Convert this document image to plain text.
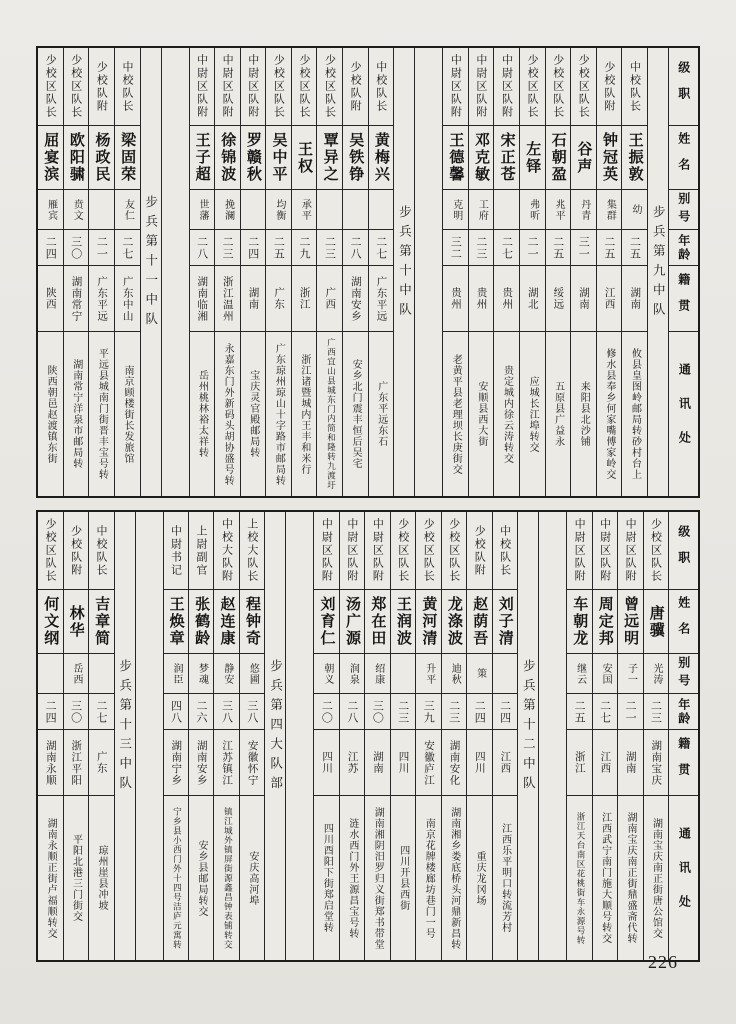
级职
姓名
别号
年龄
籍贯
通讯处
步兵第九中队
中校队长
王振敦
幼
二五
湖南
攸县皇图岭邮局转砂村台上
少校队附
钟冠英
集群
二五
江西
修水县奉乡何家嘴傅家岭交
少校区队长
谷声
丹青
三一
湖南
来阳县北沙铺
少校区队长
石朝盈
兆平
二五
绥远
五原县广益永
少校区队长
左铎
弗听
二一
湖北
应城长江埠转交
中尉区队附
宋正苍
二七
贵州
贵定城内徐云涛转交
中尉区队附
邓克敏
工府
二三
贵州
安顺县西大街
中尉区队附
王德馨
克明
三二
贵州
老黄平县老理坝长庚街交
步兵第十中队
中校队长
黄梅兴
二七
广东平远
广东平远东石
少校队附
吴铁铮
二八
湖南安乡
安乡北门震丰恒后吴宅
少校区队长
覃异之
二三
广西
广西宜山县城东门内简和隆转九渡圩
少校区队长
王权
承平
二九
浙江
浙江诸暨城内王丰和米行
少校区队长
吴中平
均衡
二五
广东
广东琼州琼山十字路市邮局转
中尉区队附
罗赣秋
二四
湖南
宝庆灵官殿邮局转
中尉区队附
徐锦波
挽澜
二三
浙江温州
永嘉东门外新码头胡协盛号转
中尉区队附
王子超
世藩
二八
湖南临湘
岳州桃林裕太祥转
步兵第十一中队
中校队长
梁固荣
友仁
二七
广东中山
南京顾楼街长发旅馆
少校队附
杨政民
二一
广东平远
平远县城南门街晋丰宝号转
少校区队长
欧阳骕
贲文
三〇
湖南常宁
湖南常宁洋泉市邮局转
少校区队长
屈宴滨
雁宾
二四
陕西
陕西朝邑赵渡镇东街
级职
姓名
别号
年龄
籍贯
通讯处
少校区队长
唐骥
光涛
二三
湖南宝庆
湖南宝庆南正街唐公馆交
中尉区队附
曾远明
子一
二一
湖南
湖南宝庆南正街鼎盛斋代转
中尉区队附
周定邦
安国
二七
江西
江西武宁南门施大顺号转交
中尉区队附
车朝龙
继云
二五
浙江
浙江天台南区花桃街车永源号转
步兵第十二中队
中校队长
刘子清
二四
江西
江西乐平明口转流芳村
少校队附
赵荫吾
策
二四
四川
重庆龙冈场
少校区队长
龙涤波
迪秋
二三
湖南安化
湖南湘乡娄底桥头河鼎新昌转
少校区队长
黄河清
升平
三九
安徽庐江
南京花牌楼廊坊巷门一号
少校区队长
王润波
二三
四川
四川开县西街
中尉区队附
郑在田
绍康
三〇
湖南
湖南湘阴汨罗归义街郑书带堂
中尉区队附
汤广源
润泉
二八
江苏
涟水西门外王源昌宝号转
中尉区队附
刘育仁
朝义
二〇
四川
四川酉阳下街郑启堂转
步兵第四大队部
上校大队长
程钟奇
悠圃
三八
安徽怀宁
安庆高河埠
中校大队附
赵连康
静安
三八
江苏镇江
镇江城外镇屏街源鑫昌钟表铺转交
上尉副官
张鹤龄
梦魂
二六
湖南安乡
安乡县邮局转交
中尉书记
王焕章
润臣
四八
湖南宁乡
宁乡县小西门外十四号洁庐元寓转
步兵第十三中队
中校队长
吉章简
二七
广东
琼州崖县冲坡
少校队附
林华
岳西
三〇
浙江平阳
平阳北港三门街交
少校区队长
何文纲
二四
湖南永顺
湖南永顺正街卢福顺转交
226
